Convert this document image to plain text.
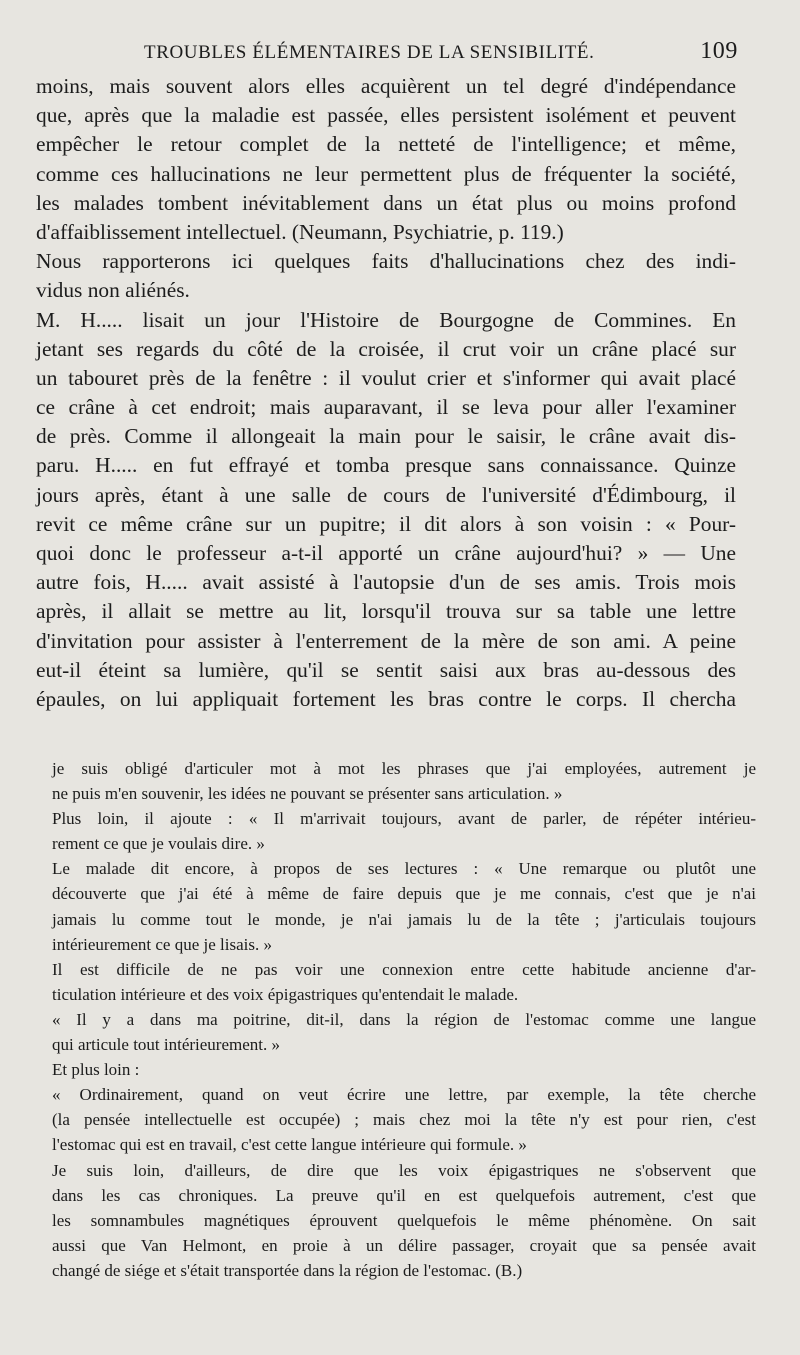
TROUBLES ÉLÉMENTAIRES DE LA SENSIBILITÉ.	109
moins, mais souvent alors elles acquièrent un tel degré d'indépendance
que, après que la maladie est passée, elles persistent isolément et peuvent
empêcher le retour complet de la netteté de l'intelligence; et même,
comme ces hallucinations ne leur permettent plus de fréquenter la société,
les malades tombent inévitablement dans un état plus ou moins profond
d'affaiblissement intellectuel. (Neumann, Psychiatrie, p. 119.)
Nous rapporterons ici quelques faits d'hallucinations chez des indi-
vidus non aliénés.
M. H..... lisait un jour l'Histoire de Bourgogne de Commines. En
jetant ses regards du côté de la croisée, il crut voir un crâne placé sur
un tabouret près de la fenêtre : il voulut crier et s'informer qui avait placé
ce crâne à cet endroit; mais auparavant, il se leva pour aller l'examiner
de près. Comme il allongeait la main pour le saisir, le crâne avait dis-
paru. H..... en fut effrayé et tomba presque sans connaissance. Quinze
jours après, étant à une salle de cours de l'université d'Édimbourg, il
revit ce même crâne sur un pupitre; il dit alors à son voisin : « Pour-
quoi donc le professeur a-t-il apporté un crâne aujourd'hui? » — Une
autre fois, H..... avait assisté à l'autopsie d'un de ses amis. Trois mois
après, il allait se mettre au lit, lorsqu'il trouva sur sa table une lettre
d'invitation pour assister à l'enterrement de la mère de son ami. A peine
eut-il éteint sa lumière, qu'il se sentit saisi aux bras au-dessous des
épaules, on lui appliquait fortement les bras contre le corps. Il chercha
je suis obligé d'articuler mot à mot les phrases que j'ai employées, autrement je
ne puis m'en souvenir, les idées ne pouvant se présenter sans articulation. »
Plus loin, il ajoute : « Il m'arrivait toujours, avant de parler, de répéter intérieu-
rement ce que je voulais dire. »
Le malade dit encore, à propos de ses lectures : « Une remarque ou plutôt une
découverte que j'ai été à même de faire depuis que je me connais, c'est que je n'ai
jamais lu comme tout le monde, je n'ai jamais lu de la tête ; j'articulais toujours
intérieurement ce que je lisais. »
Il est difficile de ne pas voir une connexion entre cette habitude ancienne d'ar-
ticulation intérieure et des voix épigastriques qu'entendait le malade.
« Il y a dans ma poitrine, dit-il, dans la région de l'estomac comme une langue
qui articule tout intérieurement. »
Et plus loin :
« Ordinairement, quand on veut écrire une lettre, par exemple, la tête cherche
(la pensée intellectuelle est occupée) ; mais chez moi la tête n'y est pour rien, c'est
l'estomac qui est en travail, c'est cette langue intérieure qui formule. »
Je suis loin, d'ailleurs, de dire que les voix épigastriques ne s'observent que
dans les cas chroniques. La preuve qu'il en est quelquefois autrement, c'est que
les somnambules magnétiques éprouvent quelquefois le même phénomène. On sait
aussi que Van Helmont, en proie à un délire passager, croyait que sa pensée avait
changé de siége et s'était transportée dans la région de l'estomac. (B.)
